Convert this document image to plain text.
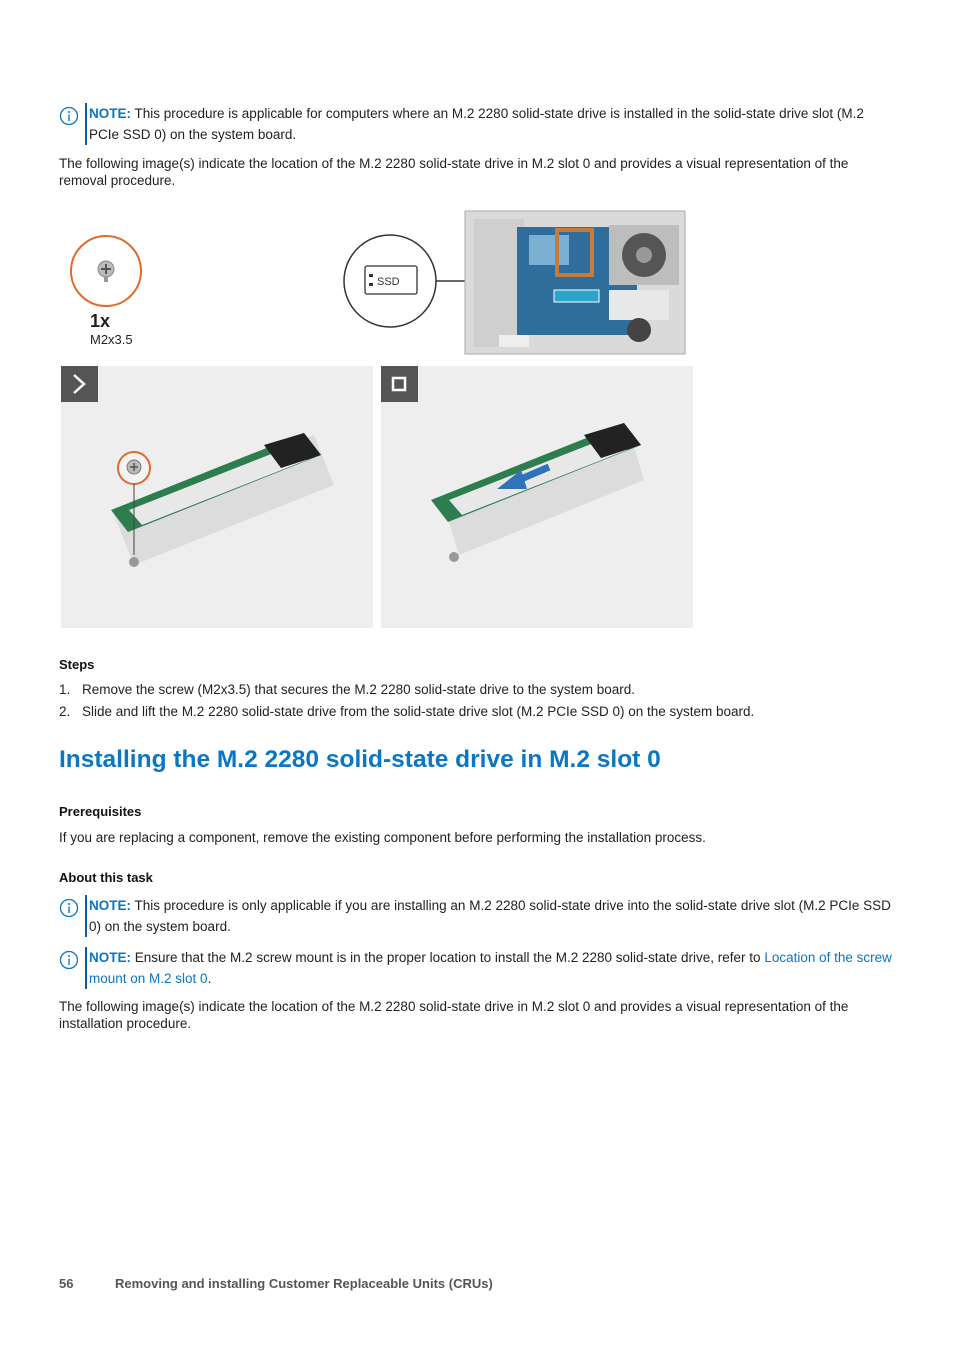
NOTE: This procedure is applicable for computers where an M.2 2280 solid-state drive is installed in the solid-state drive slot (M.2 PCIe SSD 0) on the system board.
The following image(s) indicate the location of the M.2 2280 solid-state drive in M.2 slot 0 and provides a visual representation of the removal procedure.
1x
M2x3.5
SSD
Steps
1. Remove the screw (M2x3.5) that secures the M.2 2280 solid-state drive to the system board.
2. Slide and lift the M.2 2280 solid-state drive from the solid-state drive slot (M.2 PCIe SSD 0) on the system board.
Installing the M.2 2280 solid-state drive in M.2 slot 0
Prerequisites
If you are replacing a component, remove the existing component before performing the installation process.
About this task
NOTE: This procedure is only applicable if you are installing an M.2 2280 solid-state drive into the solid-state drive slot (M.2 PCIe SSD 0) on the system board.
NOTE: Ensure that the M.2 screw mount is in the proper location to install the M.2 2280 solid-state drive, refer to Location of the screw mount on M.2 slot 0.
The following image(s) indicate the location of the M.2 2280 solid-state drive in M.2 slot 0 and provides a visual representation of the installation procedure.
56	Removing and installing Customer Replaceable Units (CRUs)
